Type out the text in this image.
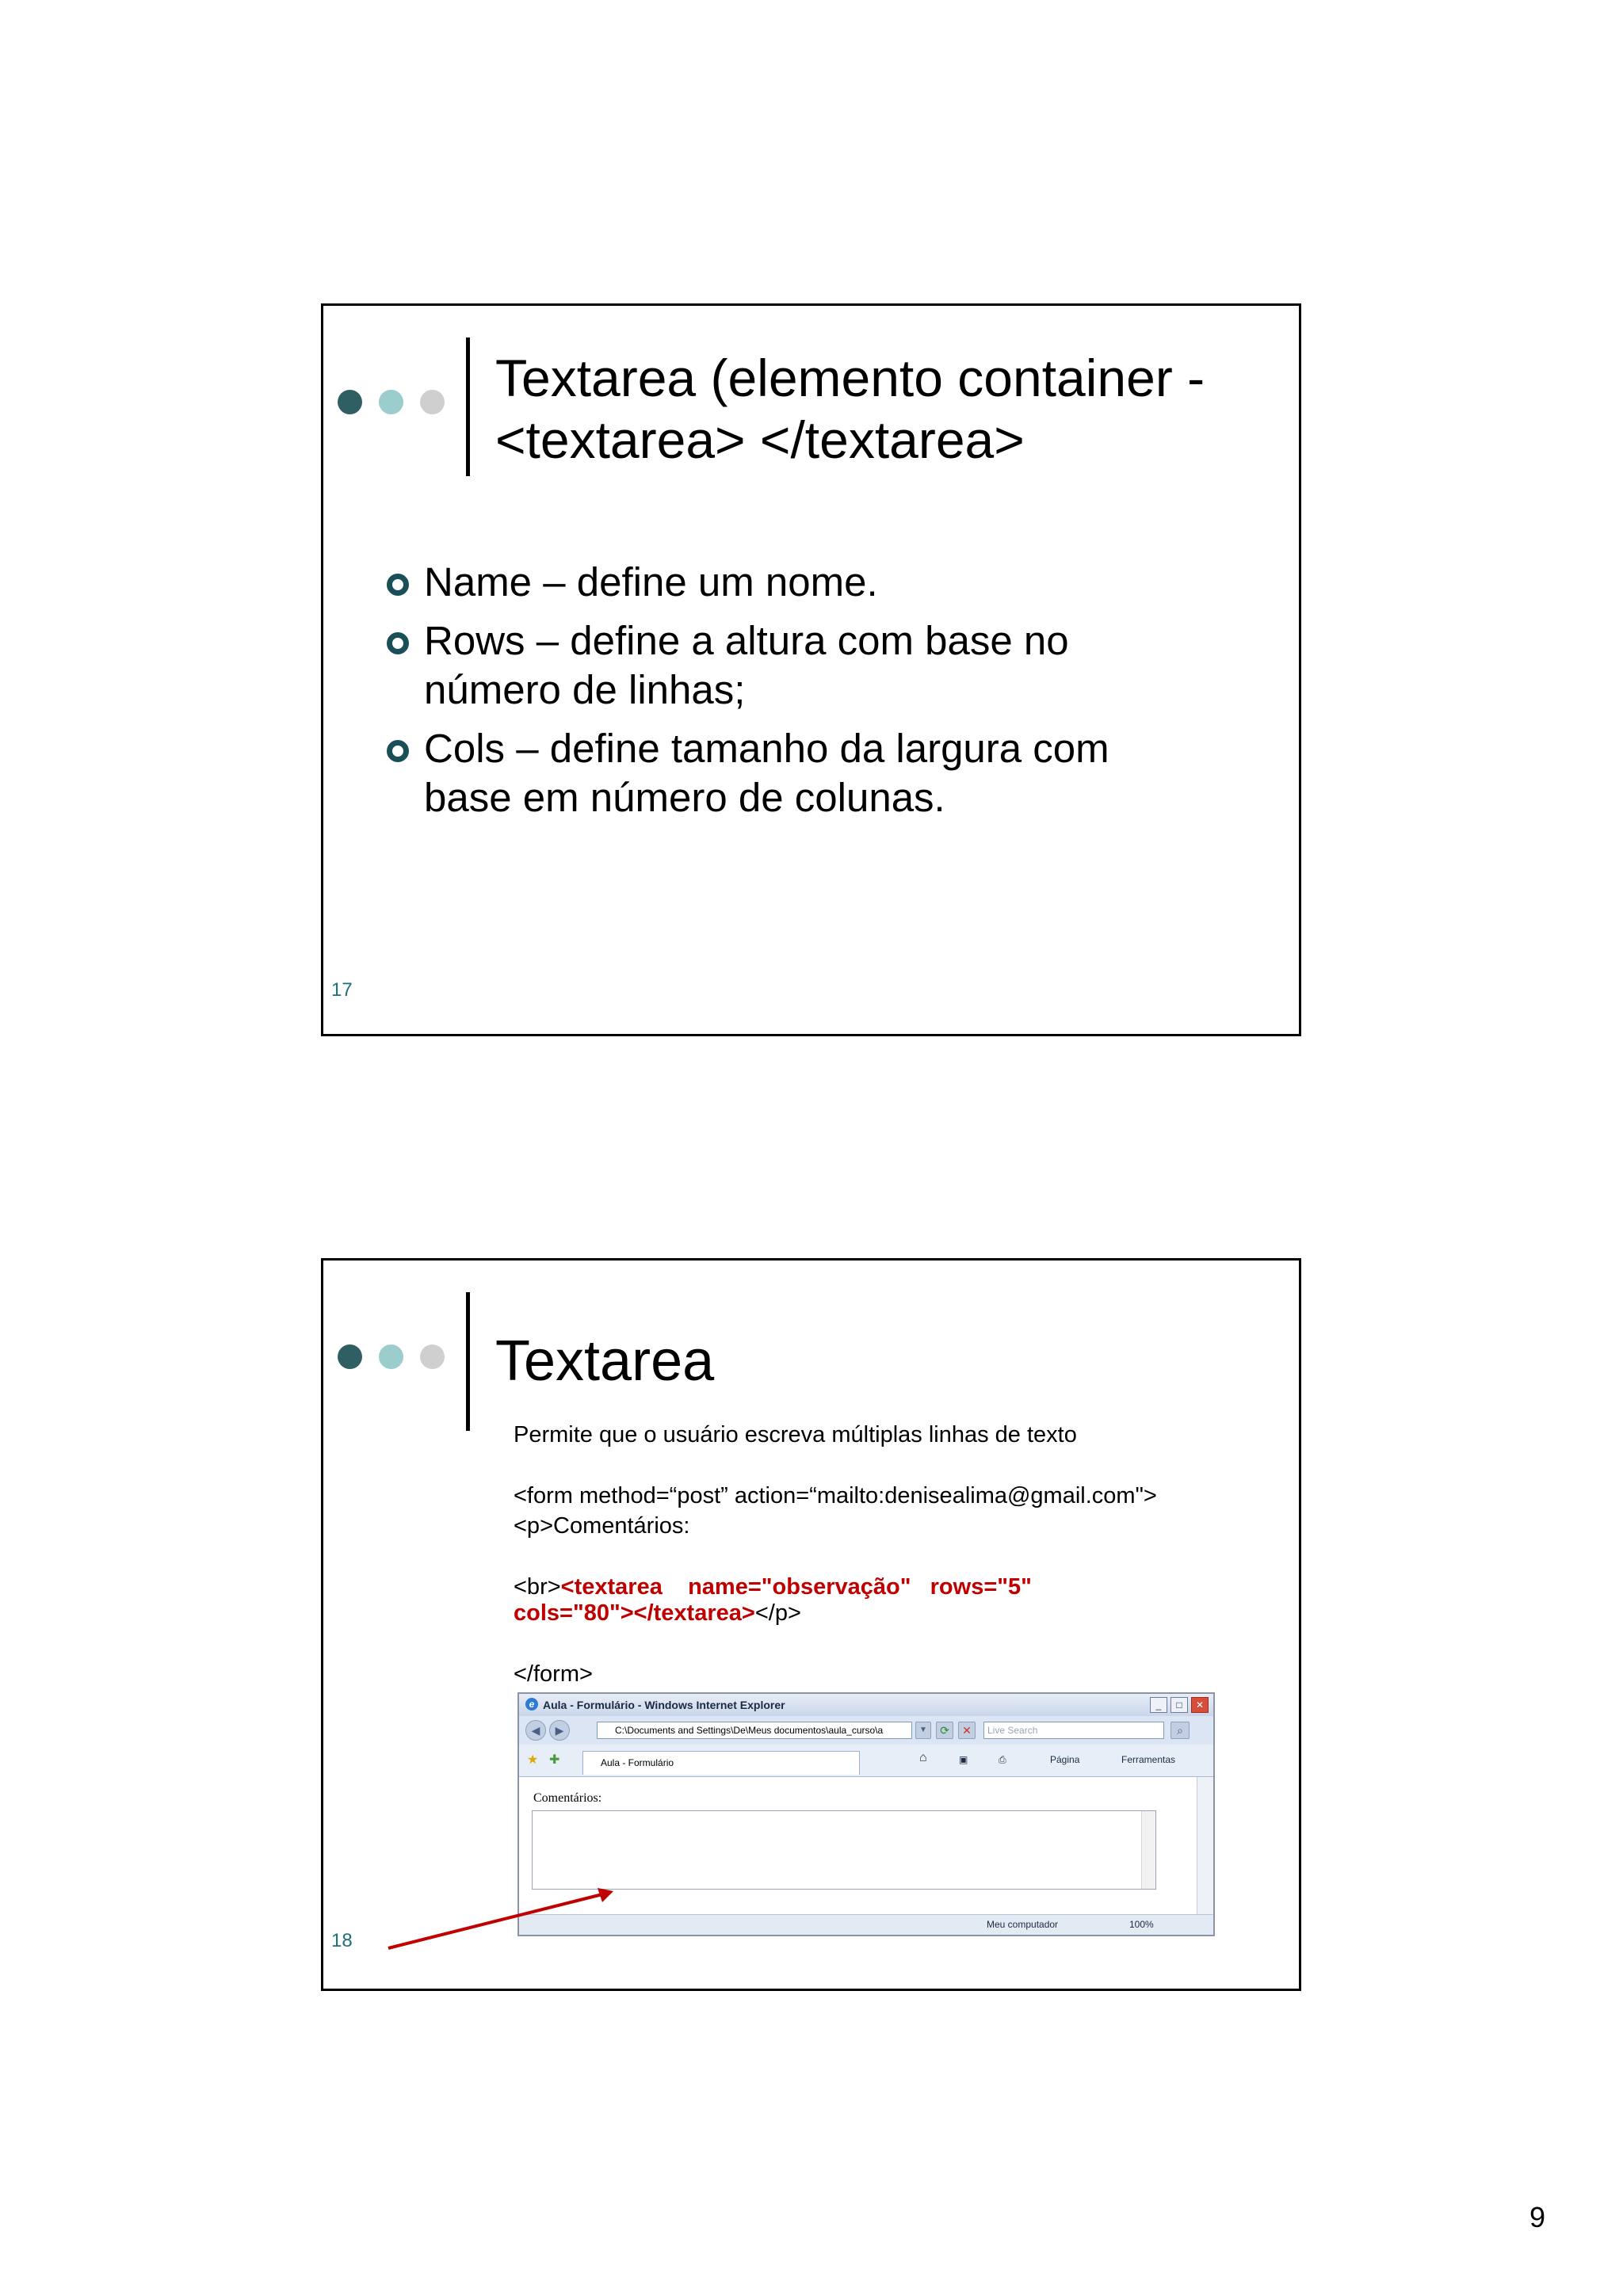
Textarea (elemento container -
<textarea> </textarea>
Name – define um nome.
Rows – define a altura com base no
número de linhas;
Cols – define tamanho da largura com
base em número de colunas.
17
Textarea
Permite que o usuário escreva múltiplas linhas de texto
<form method=“post” action=“mailto:denisealima@gmail.com">
<p>Comentários:
<br><textarea    name="observação"   rows="5"
cols="80"></textarea></p>
</form>
e Aula - Formulário - Windows Internet Explorer	_	□	✕
◀	▶	C:\Documents and Settings\De\Meus documentos\aula_curso\a	▼	⟳	✕	Live Search	⌕
★ ✚	Aula - Formulário	⌂	▣	⎙	Página	Ferramentas
Comentários:
Meu computador	100%
18
9
